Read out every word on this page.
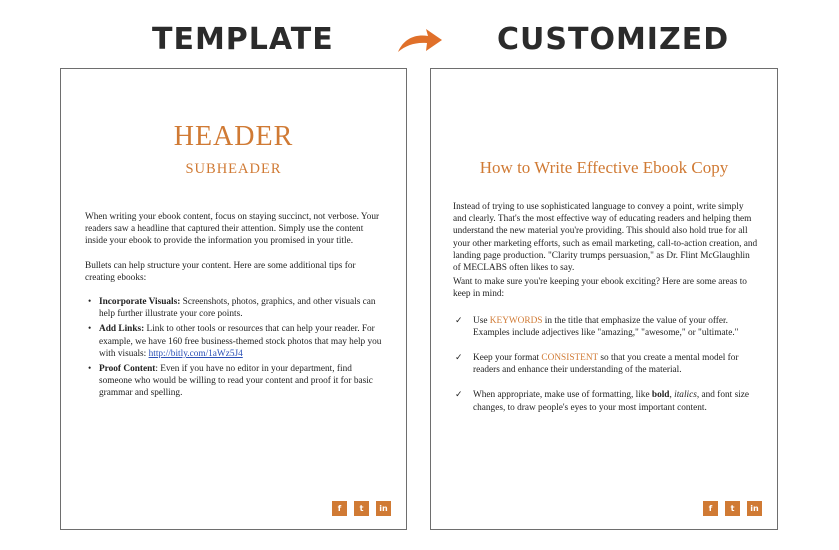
TEMPLATE	CUSTOMIZED
HEADER
SUBHEADER

When writing your ebook content, focus on staying succinct, not verbose. Your readers saw a headline that captured their attention. Simply use the content inside your ebook to provide the information you promised in your title.

Bullets can help structure your content. Here are some additional tips for creating ebooks:

• Incorporate Visuals: Screenshots, photos, graphics, and other visuals can help further illustrate your core points.
• Add Links: Link to other tools or resources that can help your reader. For example, we have 160 free business-themed stock photos that may help you with visuals: http://bitly.com/1aWz5J4
• Proof Content: Even if you have no editor in your department, find someone who would be willing to read your content and proof it for basic grammar and spelling.
f	t	in
How to Write Effective Ebook Copy

Instead of trying to use sophisticated language to convey a point, write simply and clearly. That's the most effective way of educating readers and helping them understand the new material you're providing. This should also hold true for all your other marketing efforts, such as email marketing, call-to-action creation, and landing page production. "Clarity trumps persuasion," as Dr. Flint McGlaughlin of MECLABS often likes to say.

Want to make sure you're keeping your ebook exciting? Here are some areas to keep in mind:

✓ Use KEYWORDS in the title that emphasize the value of your offer. Examples include adjectives like "amazing," "awesome," or "ultimate."
✓ Keep your format CONSISTENT so that you create a mental model for readers and enhance their understanding of the material.
✓ When appropriate, make use of formatting, like bold, italics, and font size changes, to draw people's eyes to your most important content.
f	t	in
